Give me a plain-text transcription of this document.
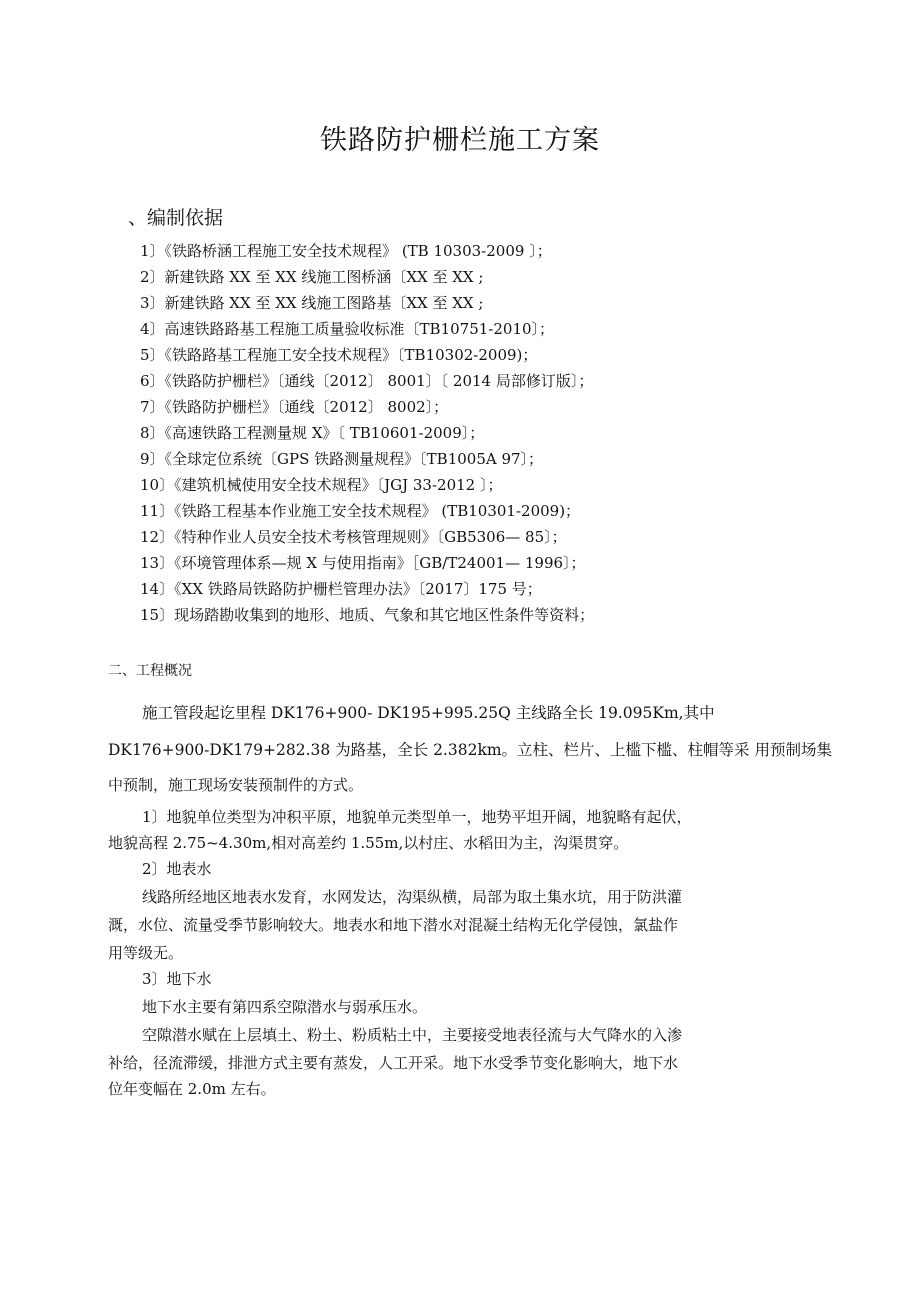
铁路防护栅栏施工方案
、编制依据
1〕《铁路桥涵工程施工安全技术规程》 (TB 10303-2009 〕；
2〕新建铁路 XX 至 XX 线施工图桥涵〔XX 至 XX ;
3〕新建铁路 XX 至 XX 线施工图路基〔XX 至 XX ;
4〕高速铁路路基工程施工质量验收标准〔TB10751-2010〕；
5〕《铁路路基工程施工安全技术规程》〔TB10302-2009)；
6〕《铁路防护栅栏》〔通线〔2012〕 8001〕〔 2014 局部修订版〕；
7〕《铁路防护栅栏》〔通线〔2012〕 8002〕；
8〕《高速铁路工程测量规 X》〔 TB10601-2009〕；
9〕《全球定位系统〔GPS 铁路测量规程》〔TB1005A 97〕；
10〕《建筑机械使用安全技术规程》〔JGJ 33-2012 〕；
11〕《铁路工程基本作业施工安全技术规程》 (TB10301-2009)；
12〕《特种作业人员安全技术考核管理规则》〔GB5306— 85〕；
13〕《环境管理体系—规 X 与使用指南》［GB/T24001— 1996〕；
14〕《XX 铁路局铁路防护栅栏管理办法》〔2017〕175 号；
15〕现场踏勘收集到的地形、地质、气象和其它地区性条件等资料；
二、工程概况
施工管段起讫里程 DK176+900- DK195+995.25Q 主线路全长 19.095Km,其中
DK176+900-DK179+282.38 为路基，全长 2.382km。立柱、栏片、上槛下槛、柱帽等采 用预制场集
中预制，施工现场安装预制件的方式。
1〕地貌单位类型为冲积平原，地貌单元类型单一，地势平坦开阔，地貌略有起伏，
地貌高程 2.75~4.30m,相对高差约 1.55m,以村庄、水稻田为主，沟渠贯穿。
2〕地表水
线路所经地区地表水发育，水网发达，沟渠纵横，局部为取土集水坑，用于防洪灌
溉，水位、流量受季节影响较大。地表水和地下潜水对混凝土结构无化学侵蚀，氯盐作
用等级无。
3〕地下水
地下水主要有第四系空隙潜水与弱承压水。
空隙潜水赋在上层填土、粉土、粉质粘土中，主要接受地表径流与大气降水的入渗
补给，径流滞缓，排泄方式主要有蒸发，人工开采。地下水受季节变化影响大，地下水
位年变幅在 2.0m 左右。
